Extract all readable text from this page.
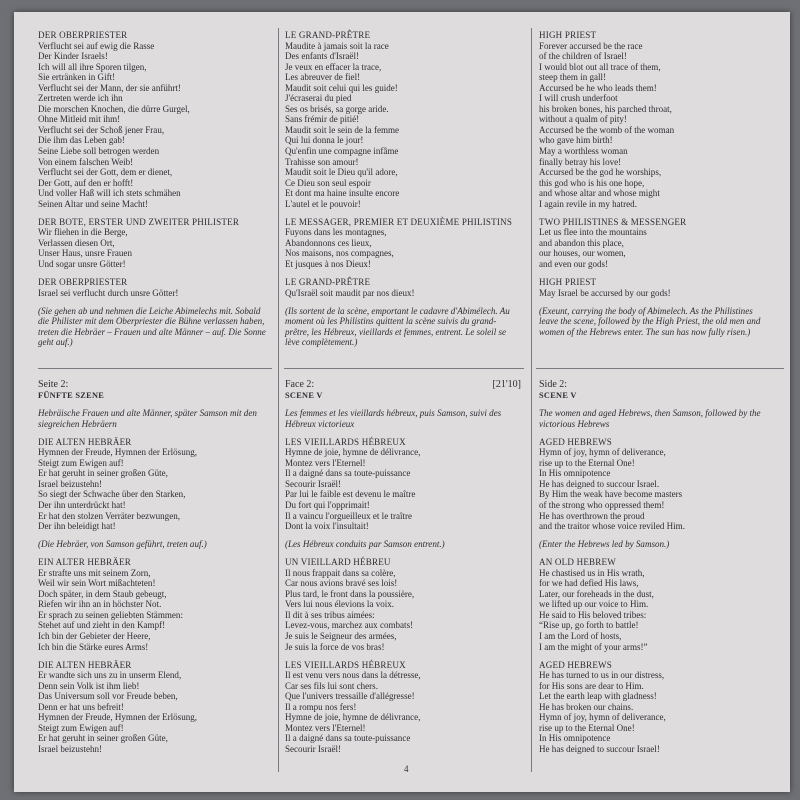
DER OBERPRIESTER
Verflucht sei auf ewig die Rasse
Der Kinder Israels!
Ich will all ihre Sporen tilgen,
Sie ertränken in Gift!
Verflucht sei der Mann, der sie anführt!
Zertreten werde ich ihn
Die morschen Knochen, die dürre Gurgel,
Ohne Mitleid mit ihm!
Verflucht sei der Schoß jener Frau,
Die ihm das Leben gab!
Seine Liebe soll betrogen werden
Von einem falschen Weib!
Verflucht sei der Gott, dem er dienet,
Der Gott, auf den er hofft!
Und voller Haß will ich stets schmähen
Seinen Altar und seine Macht!
DER BOTE, ERSTER UND ZWEITER PHILISTER
Wir fliehen in die Berge,
Verlassen diesen Ort,
Unser Haus, unsre Frauen
Und sogar unsre Götter!
DER OBERPRIESTER
Israel sei verflucht durch unsre Götter!
(Sie gehen ab und nehmen die Leiche Abimelechs mit. Sobald die Philister mit dem Oberpriester die Bühne verlassen haben, treten die Hebräer – Frauen und alte Männer – auf. Die Sonne geht auf.)
Seite 2:
FÜNFTE SZENE
Hebräische Frauen und alte Männer, später Samson mit den siegreichen Hebräern
DIE ALTEN HEBRÄER
Hymnen der Freude, Hymnen der Erlösung,
Steigt zum Ewigen auf!
Er hat geruht in seiner großen Güte,
Israel beizustehn!
So siegt der Schwache über den Starken,
Der ihn unterdrückt hat!
Er hat den stolzen Verräter bezwungen,
Der ihn beleidigt hat!
(Die Hebräer, von Samson geführt, treten auf.)
EIN ALTER HEBRÄER
Er strafte uns mit seinem Zorn,
Weil wir sein Wort mißachteten!
Doch später, in dem Staub gebeugt,
Riefen wir ihn an in höchster Not.
Er sprach zu seinen geliebten Stämmen:
Stehet auf und zieht in den Kampf!
Ich bin der Gebieter der Heere,
Ich bin die Stärke eures Arms!
DIE ALTEN HEBRÄER
Er wandte sich uns zu in unserm Elend,
Denn sein Volk ist ihm lieb!
Das Universum soll vor Freude beben,
Denn er hat uns befreit!
Hymnen der Freude, Hymnen der Erlösung,
Steigt zum Ewigen auf!
Er hat geruht in seiner großen Güte,
Israel beizustehn!
LE GRAND-PRÊTRE
Maudite à jamais soit la race
Des enfants d'Israël!
Je veux en effacer la trace,
Les abreuver de fiel!
Maudit soit celui qui les guide!
J'écraserai du pied
Ses os brisés, sa gorge aride.
Sans frémir de pitié!
Maudit soit le sein de la femme
Qui lui donna le jour!
Qu'enfin une compagne infâme
Trahisse son amour!
Maudit soit le Dieu qu'il adore,
Ce Dieu son seul espoir
Et dont ma haine insulte encore
L'autel et le pouvoir!
LE MESSAGER, PREMIER ET DEUXIÈME PHILISTINS
Fuyons dans les montagnes,
Abandonnons ces lieux,
Nos maisons, nos compagnes,
Et jusques à nos Dieux!
LE GRAND-PRÊTRE
Qu'Israël soit maudit par nos dieux!
(Ils sortent de la scène, emportant le cadavre d'Abimélech. Au moment où les Philistins quittent la scène suivis du grand-prêtre, les Hébreux, vieillards et femmes, entrent. Le soleil se lève complètement.)
Face 2:	[21'10]
SCENE V
Les femmes et les vieillards hébreux, puis Samson, suivi des Hébreux victorieux
LES VIEILLARDS HÉBREUX
Hymne de joie, hymne de délivrance,
Montez vers l'Eternel!
Il a daigné dans sa toute-puissance
Secourir Israël!
Par lui le faible est devenu le maître
Du fort qui l'opprimait!
Il a vaincu l'orgueilleux et le traître
Dont la voix l'insultait!
(Les Hébreux conduits par Samson entrent.)
UN VIEILLARD HÉBREU
Il nous frappait dans sa colère,
Car nous avions bravé ses lois!
Plus tard, le front dans la poussière,
Vers lui nous élevions la voix.
Il dit à ses tribus aimées:
Levez-vous, marchez aux combats!
Je suis le Seigneur des armées,
Je suis la force de vos bras!
LES VIEILLARDS HÉBREUX
Il est venu vers nous dans la détresse,
Car ses fils lui sont chers.
Que l'univers tressaille d'allégresse!
Il a rompu nos fers!
Hymne de joie, hymne de délivrance,
Montez vers l'Eternel!
Il a daigné dans sa toute-puissance
Secourir Israël!
HIGH PRIEST
Forever accursed be the race
of the children of Israel!
I would blot out all trace of them,
steep them in gall!
Accursed be he who leads them!
I will crush underfoot
his broken bones, his parched throat,
without a qualm of pity!
Accursed be the womb of the woman
who gave him birth!
May a worthless woman
finally betray his love!
Accursed be the god he worships,
this god who is his one hope,
and whose altar and whose might
I again revile in my hatred.
TWO PHILISTINES & MESSENGER
Let us flee into the mountains
and abandon this place,
our houses, our women,
and even our gods!
HIGH PRIEST
May Israel be accursed by our gods!
(Exeunt, carrying the body of Abimelech. As the Philistines leave the scene, followed by the High Priest, the old men and women of the Hebrews enter. The sun has now fully risen.)
Side 2:
SCENE V
The women and aged Hebrews, then Samson, followed by the victorious Hebrews
AGED HEBREWS
Hymn of joy, hymn of deliverance,
rise up to the Eternal One!
In His omnipotence
He has deigned to succour Israel.
By Him the weak have become masters
of the strong who oppressed them!
He has overthrown the proud
and the traitor whose voice reviled Him.
(Enter the Hebrews led by Samson.)
AN OLD HEBREW
He chastised us in His wrath,
for we had defied His laws,
Later, our foreheads in the dust,
we lifted up our voice to Him.
He said to His beloved tribes:
“Rise up, go forth to battle!
I am the Lord of hosts,
I am the might of your arms!”
AGED HEBREWS
He has turned to us in our distress,
for His sons are dear to Him.
Let the earth leap with gladness!
He has broken our chains.
Hymn of joy, hymn of deliverance,
rise up to the Eternal One!
In His omnipotence
He has deigned to succour Israel!
4
